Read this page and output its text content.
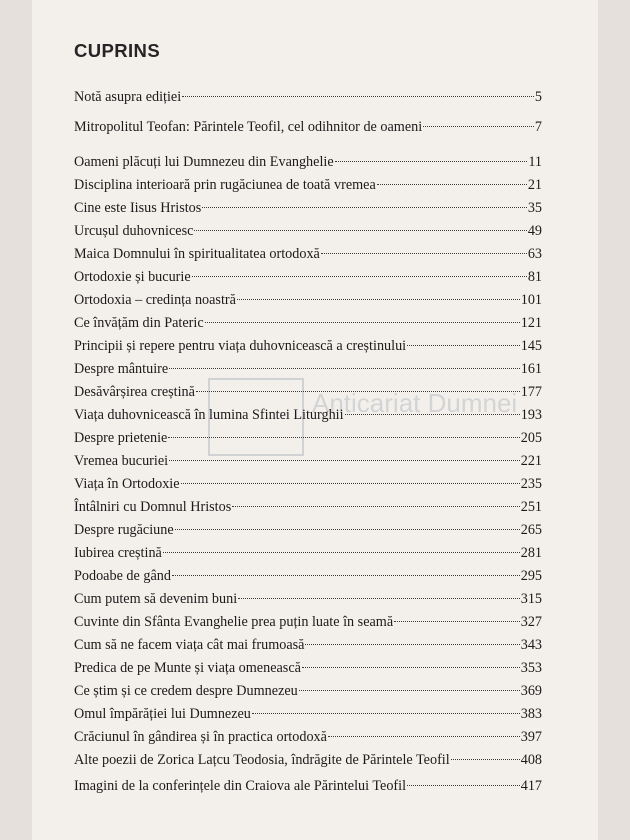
Anticariat Dumnei
CUPRINS
Notă asupra ediției	5
Mitropolitul Teofan: Părintele Teofil, cel odihnitor de oameni	7
Oameni plăcuți lui Dumnezeu din Evanghelie	11
Disciplina interioară prin rugăciunea de toată vremea	21
Cine este Iisus Hristos	35
Urcușul duhovnicesc	49
Maica Domnului în spiritualitatea ortodoxă	63
Ortodoxie și bucurie	81
Ortodoxia – credința noastră	101
Ce învățăm din Pateric	121
Principii și repere pentru viața duhovnicească a creștinului	145
Despre mântuire	161
Desăvârșirea creștină	177
Viața duhovnicească în lumina Sfintei Liturghii	193
Despre prietenie	205
Vremea bucuriei	221
Viața în Ortodoxie	235
Întâlniri cu Domnul Hristos	251
Despre rugăciune	265
Iubirea creștină	281
Podoabe de gând	295
Cum putem să devenim buni	315
Cuvinte din Sfânta Evanghelie prea puțin luate în seamă	327
Cum să ne facem viața cât mai frumoasă	343
Predica de pe Munte și viața omenească	353
Ce știm și ce credem despre Dumnezeu	369
Omul împărăției lui Dumnezeu	383
Crăciunul în gândirea și în practica ortodoxă	397
Alte poezii de Zorica Lațcu Teodosia, îndrăgite de Părintele Teofil	408
Imagini de la conferințele din Craiova ale Părintelui Teofil	417
